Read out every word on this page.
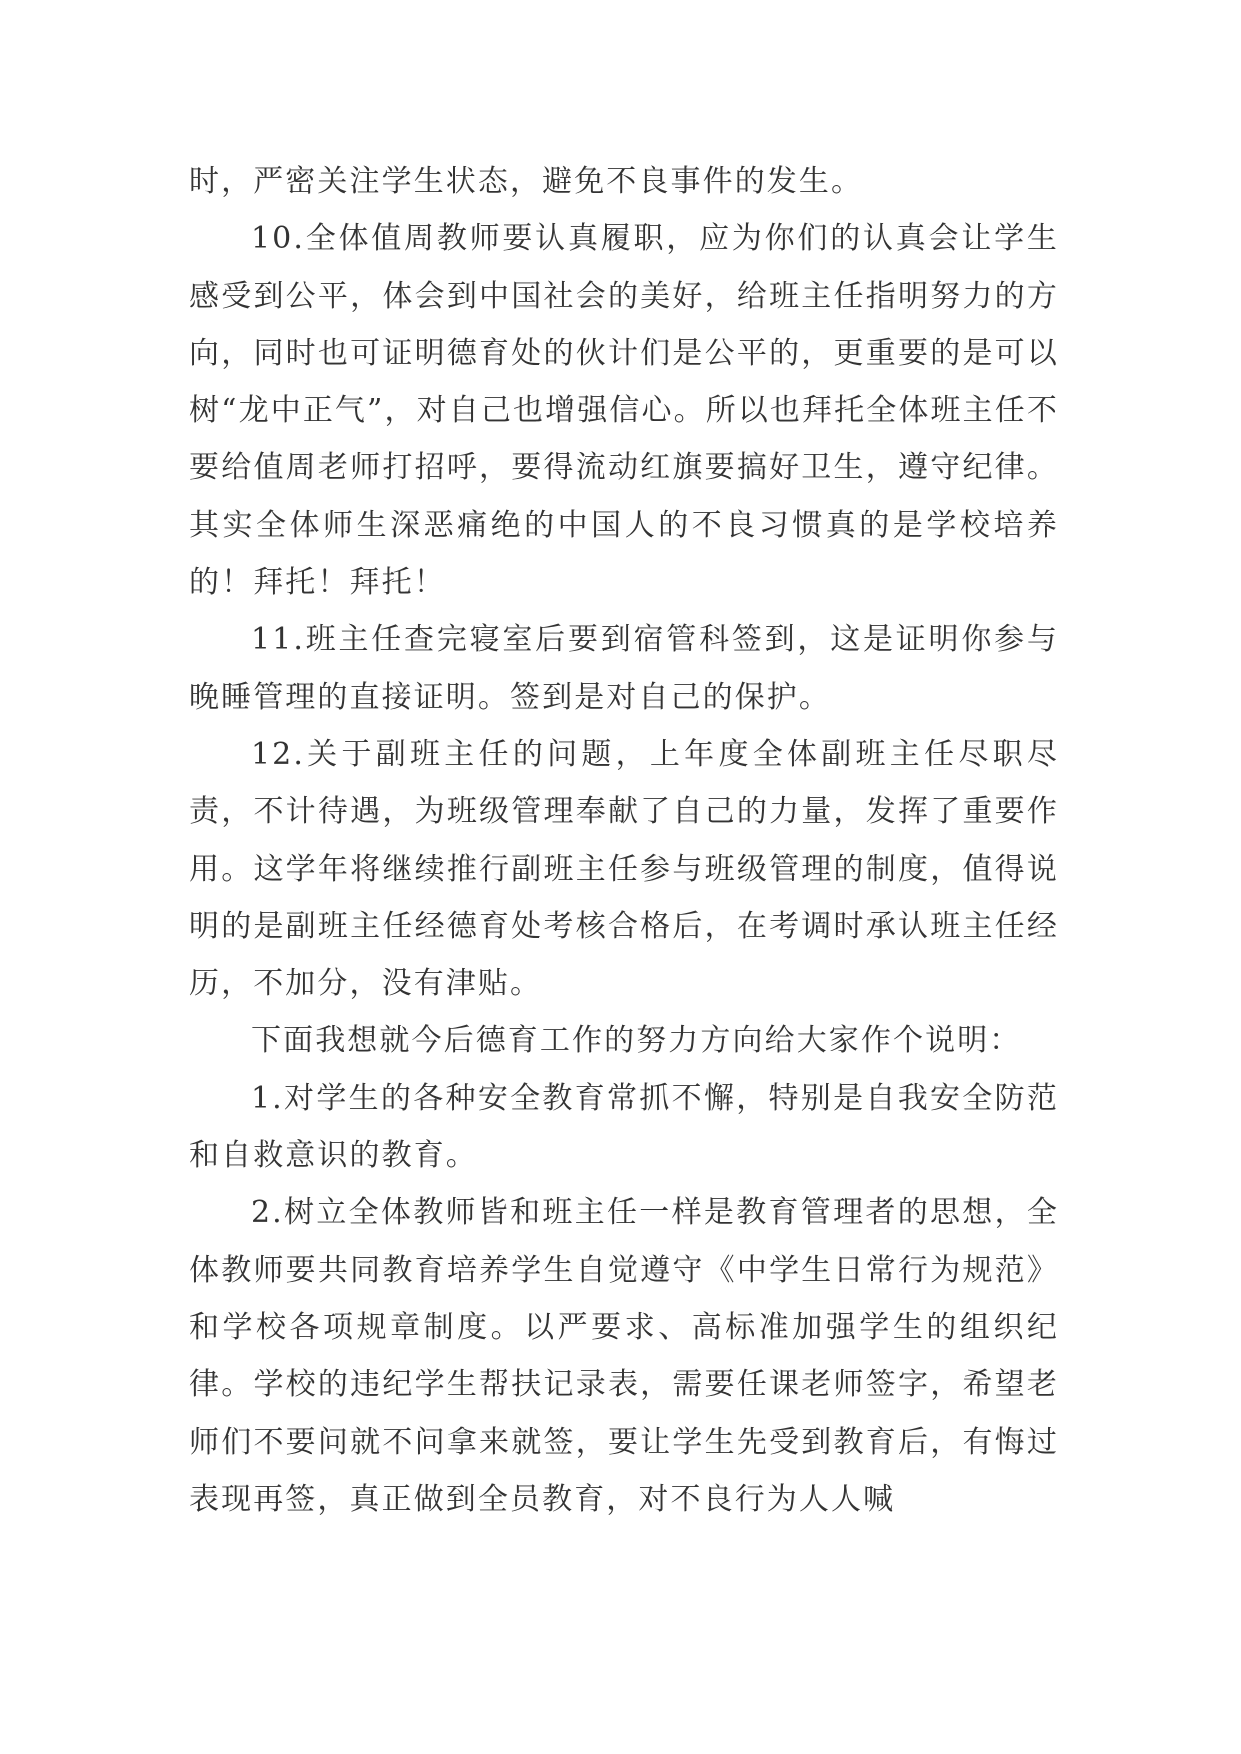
时，严密关注学生状态，避免不良事件的发生。

10.全体值周教师要认真履职，应为你们的认真会让学生感受到公平，体会到中国社会的美好，给班主任指明努力的方向，同时也可证明德育处的伙计们是公平的，更重要的是可以树“龙中正气”，对自己也增强信心。所以也拜托全体班主任不要给值周老师打招呼，要得流动红旗要搞好卫生，遵守纪律。其实全体师生深恶痛绝的中国人的不良习惯真的是学校培养的！拜托！拜托！

11.班主任查完寝室后要到宿管科签到，这是证明你参与晚睡管理的直接证明。签到是对自己的保护。

12.关于副班主任的问题，上年度全体副班主任尽职尽责，不计待遇，为班级管理奉献了自己的力量，发挥了重要作用。这学年将继续推行副班主任参与班级管理的制度，值得说明的是副班主任经德育处考核合格后，在考调时承认班主任经历，不加分，没有津贴。

下面我想就今后德育工作的努力方向给大家作个说明：

1.对学生的各种安全教育常抓不懈，特别是自我安全防范和自救意识的教育。

2.树立全体教师皆和班主任一样是教育管理者的思想，全体教师要共同教育培养学生自觉遵守《中学生日常行为规范》和学校各项规章制度。以严要求、高标准加强学生的组织纪律。学校的违纪学生帮扶记录表，需要任课老师签字，希望老师们不要问就不问拿来就签，要让学生先受到教育后，有悔过表现再签，真正做到全员教育，对不良行为人人喊
